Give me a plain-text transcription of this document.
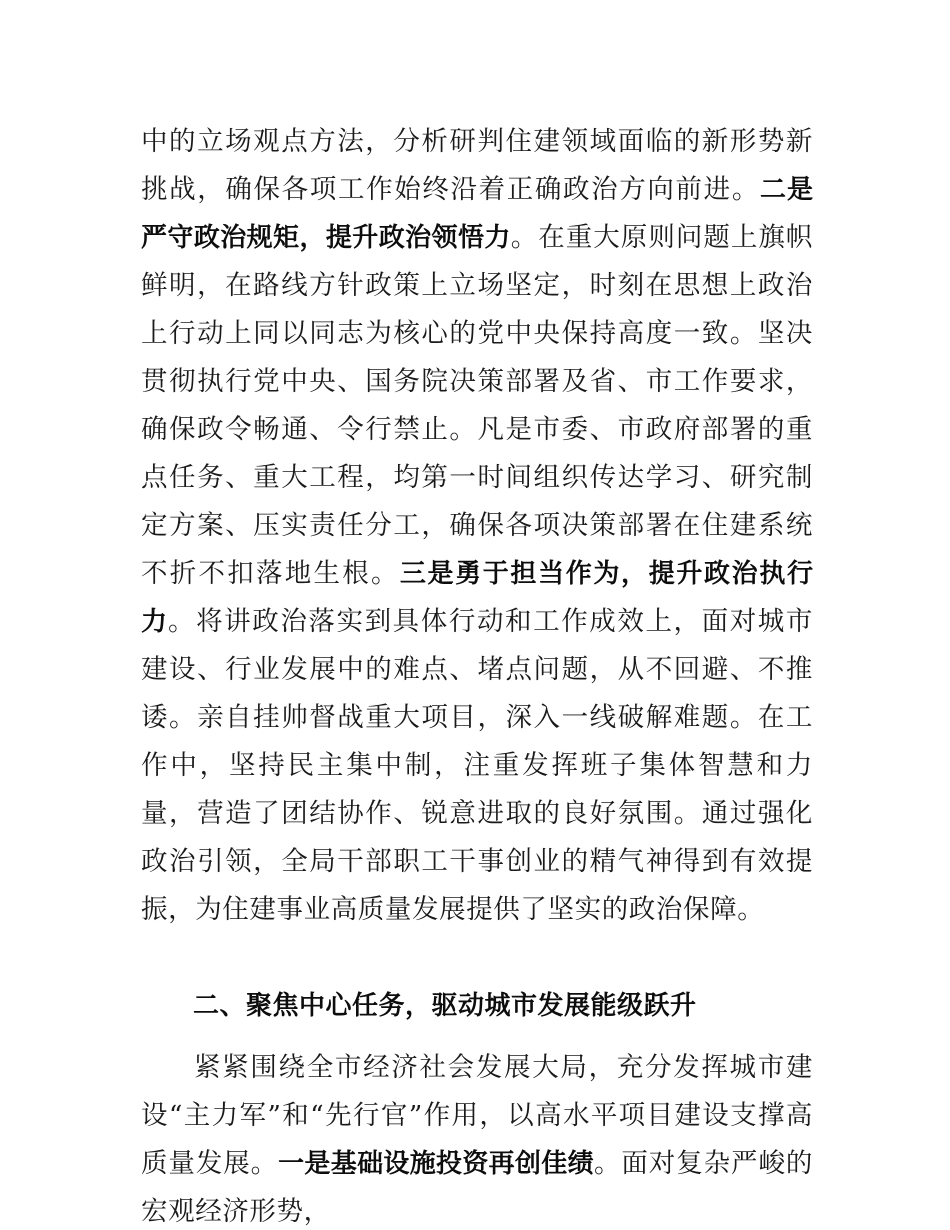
中的立场观点方法，分析研判住建领域面临的新形势新挑战，确保各项工作始终沿着正确政治方向前进。二是严守政治规矩，提升政治领悟力。在重大原则问题上旗帜鲜明，在路线方针政策上立场坚定，时刻在思想上政治上行动上同以同志为核心的党中央保持高度一致。坚决贯彻执行党中央、国务院决策部署及省、市工作要求，确保政令畅通、令行禁止。凡是市委、市政府部署的重点任务、重大工程，均第一时间组织传达学习、研究制定方案、压实责任分工，确保各项决策部署在住建系统不折不扣落地生根。三是勇于担当作为，提升政治执行力。将讲政治落实到具体行动和工作成效上，面对城市建设、行业发展中的难点、堵点问题，从不回避、不推诿。亲自挂帅督战重大项目，深入一线破解难题。在工作中，坚持民主集中制，注重发挥班子集体智慧和力量，营造了团结协作、锐意进取的良好氛围。通过强化政治引领，全局干部职工干事创业的精气神得到有效提振，为住建事业高质量发展提供了坚实的政治保障。

二、聚焦中心任务，驱动城市发展能级跃升

紧紧围绕全市经济社会发展大局，充分发挥城市建设“主力军”和“先行官”作用，以高水平项目建设支撑高质量发展。一是基础设施投资再创佳绩。面对复杂严峻的宏观经济形势，
